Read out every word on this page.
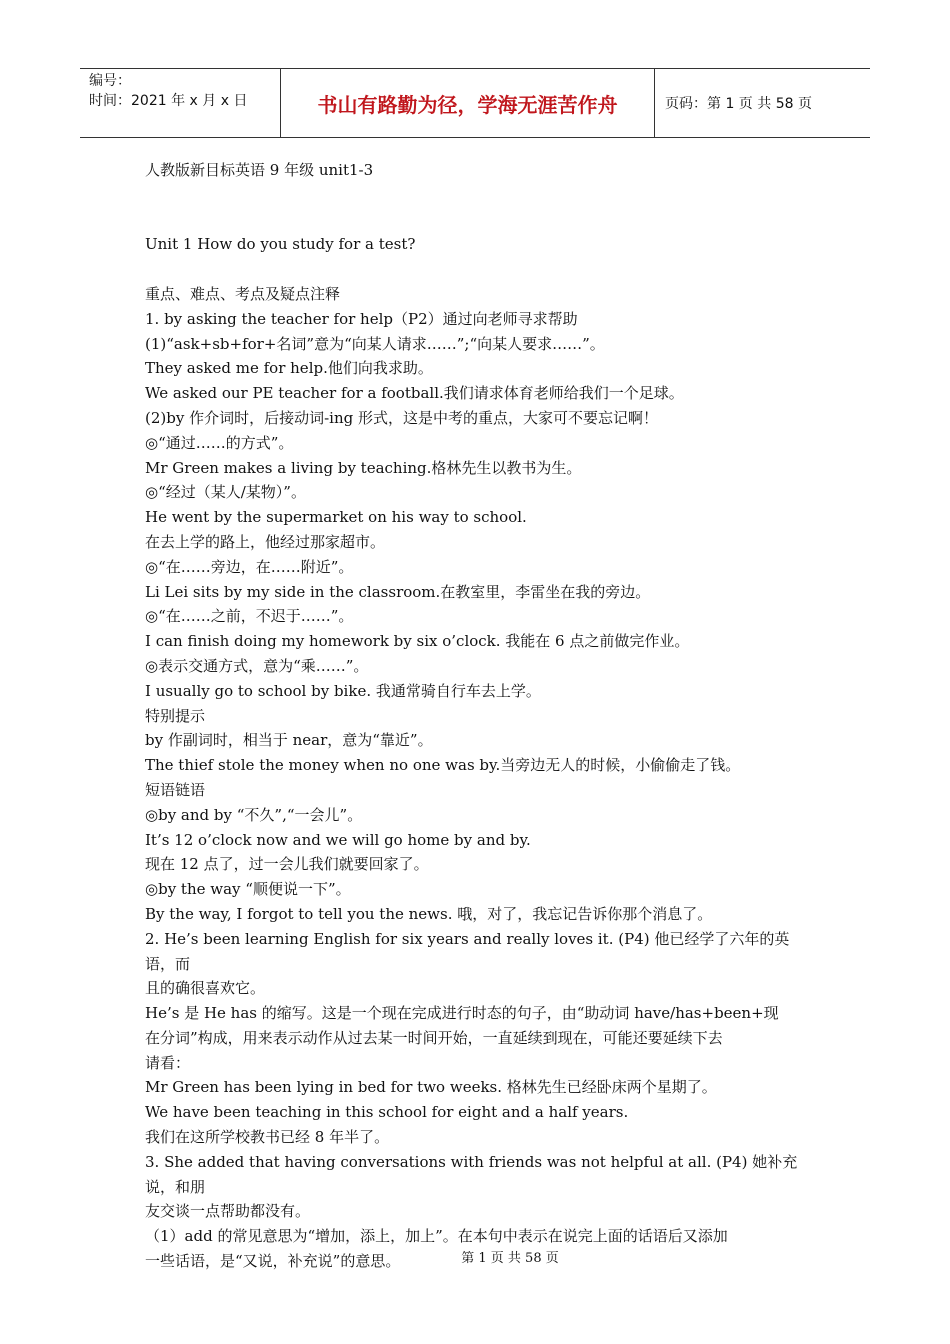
编号：
时间：2021 年 x 月 x 日	书山有路勤为径，学海无涯苦作舟	页码：第 1 页 共 58 页

人教版新目标英语 9 年级 unit1-3

Unit 1 How do you study for a test?

重点、难点、考点及疑点注释

1. by asking the teacher for help（P2）通过向老师寻求帮助

(1)“ask+sb+for+名词”意为“向某人请求……”;“向某人要求……”。

They asked me for help.他们向我求助。

We asked our PE teacher for a football.我们请求体育老师给我们一个足球。

(2)by 作介词时，后接动词-ing 形式，这是中考的重点，大家可不要忘记啊！

◎“通过……的方式”。

Mr Green makes a living by teaching.格林先生以教书为生。

◎“经过（某人/某物）”。

He went by the supermarket on his way to school.

在去上学的路上，他经过那家超市。

◎“在……旁边，在……附近”。

Li Lei sits by my side in the classroom.在教室里，李雷坐在我的旁边。

◎“在……之前，不迟于……”。

I can finish doing my homework by six o’clock. 我能在 6 点之前做完作业。

◎表示交通方式，意为“乘……”。

I usually go to school by bike. 我通常骑自行车去上学。

特别提示

by 作副词时，相当于 near，意为“靠近”。

The thief stole the money when no one was by.当旁边无人的时候，小偷偷走了钱。

短语链语

◎by and by “不久”,“一会儿”。

It’s 12 o’clock now and we will go home by and by.

现在 12 点了，过一会儿我们就要回家了。

◎by the way “顺便说一下”。

By the way, I forgot to tell you the news. 哦，对了，我忘记告诉你那个消息了。

2. He’s been learning English for six years and really loves it. (P4) 他已经学了六年的英语，而

且的确很喜欢它。

He’s 是 He has 的缩写。这是一个现在完成进行时态的句子，由“助动词 have/has+been+现

在分词”构成，用来表示动作从过去某一时间开始，一直延续到现在，可能还要延续下去

请看：

Mr Green has been lying in bed for two weeks. 格林先生已经卧床两个星期了。

We have been teaching in this school for eight and a half years.

我们在这所学校教书已经 8 年半了。

3. She added that having conversations with friends was not helpful at all. (P4) 她补充说，和朋

友交谈一点帮助都没有。

（1）add 的常见意思为“增加，添上，加上”。在本句中表示在说完上面的话语后又添加

一些话语，是“又说，补充说”的意思。	第 1 页 共 58 页
